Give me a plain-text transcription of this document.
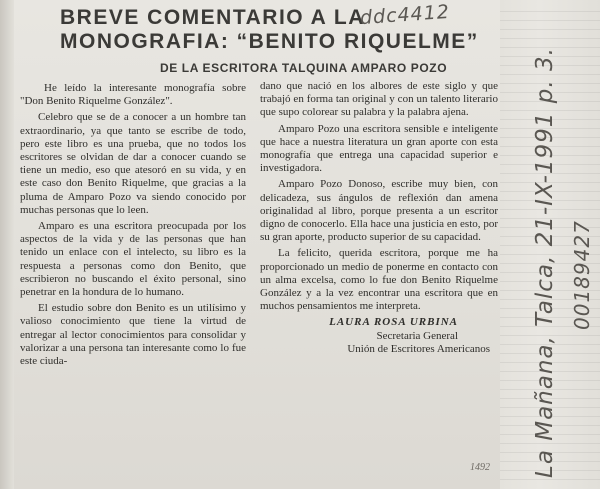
BREVE COMENTARIO A LA
MONOGRAFIA: “BENITO RIQUELME”
DE LA ESCRITORA TALQUINA AMPARO POZO

He leído la interesante monografía sobre "Don Benito Riquelme González".

Celebro que se de a conocer a un hombre tan extraordinario, ya que tanto se escribe de todo, pero este libro es una prueba, que no todos los escritores se olvidan de dar a conocer cuando se tiene un medio, eso que atesoró en su vida, y en este caso don Benito Riquelme, que gracias a la pluma de Amparo Pozo va siendo conocido por muchas personas que lo leen.

Amparo es una escritora preocupada por los aspectos de la vida y de las personas que han tenido un enlace con el intelecto, su libro es la respuesta a personas como don Benito, que escribieron no buscando el éxito personal, sino penetrar en la hondura de lo humano.

El estudio sobre don Benito es un utilísimo y valioso conocimiento que tiene la virtud de entregar al lector conocimientos para consolidar y valorizar a una persona tan interesante como lo fue este ciuda-

dano que nació en los albores de este siglo y que trabajó en forma tan original y con un talento literario que supo colorear su palabra y la palabra ajena.

Amparo Pozo una escritora sensible e inteligente que hace a nuestra literatura un gran aporte con esta monografía que entrega una capacidad superior e investigadora.

Amparo Pozo Donoso, escribe muy bien, con delicadeza, sus ángulos de reflexión dan amena originalidad al libro, porque presenta a un escritor digno de conocerlo. Ella hace una justicia en esto, por su gran aporte, producto superior de su capacidad.

La felicito, querida escritora, porque me ha proporcionado un medio de ponerme en contacto con un alma excelsa, como lo fue don Benito Riquelme González y a la vez encontrar una escritora que en muchos pensamientos me interpreta.

LAURA ROSA URBINA
Secretaria General
Unión de Escritores Americanos
ddc4412
La Mañana, Talca, 21-IX-1991 p. 3. 00189427
1492
